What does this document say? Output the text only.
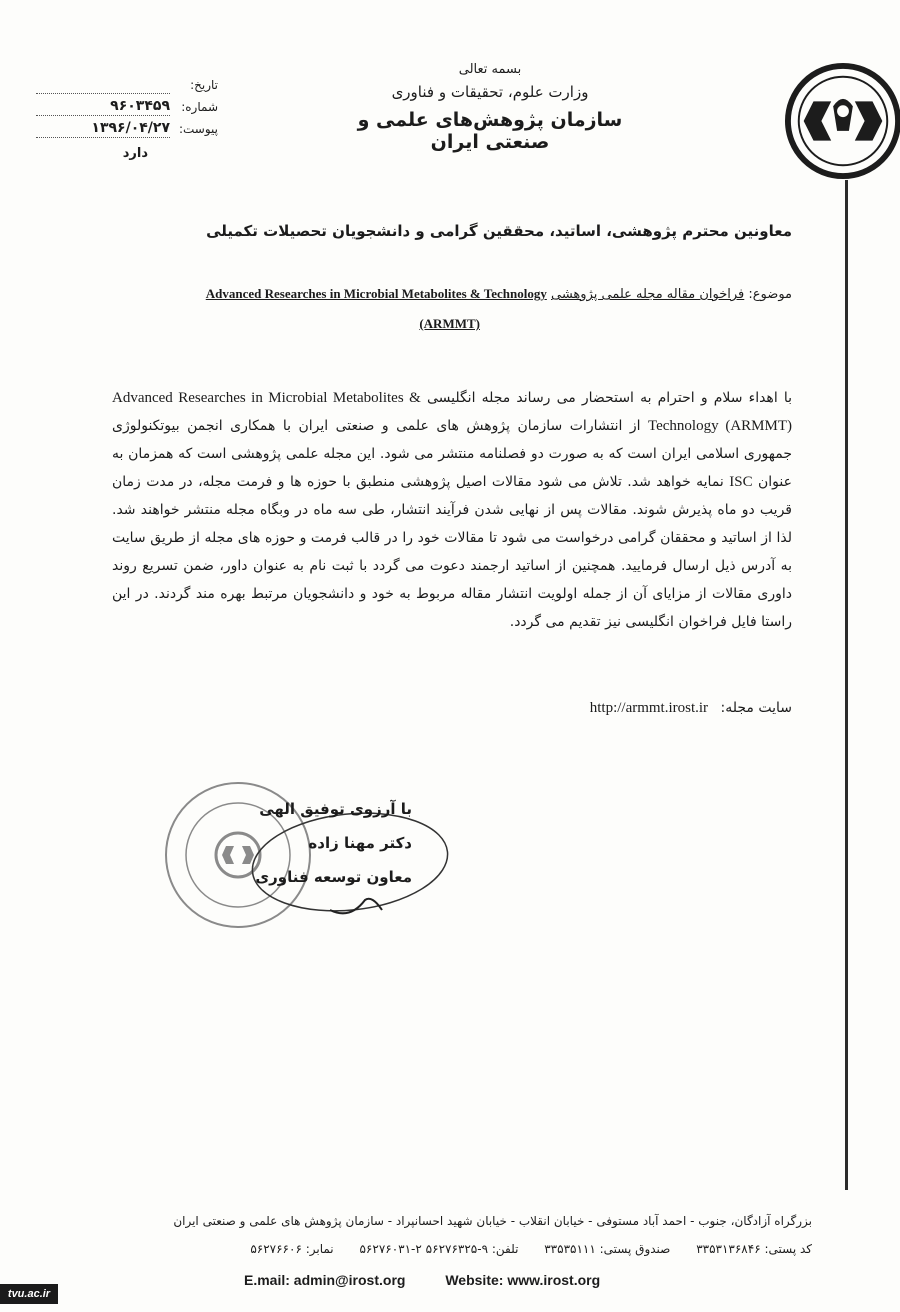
بسمه تعالی
وزارت علوم، تحقیقات و فناوری
سازمان پژوهش‌های علمی و صنعتی ایران
تاریخ:
شماره:
۹۶۰۳۴۵۹
پیوست:
۱۳۹۶/۰۴/۲۷
دارد
معاونین محترم پژوهشی، اساتید، محققین گرامی و دانشجویان تحصیلات تکمیلی
موضوع: فراخوان مقاله مجله علمی پژوهشی Advanced Researches in Microbial Metabolites & Technology
(ARMMT)
با اهداء سلام و احترام به استحضار می رساند مجله انگلیسی Advanced Researches in Microbial Metabolites & Technology (ARMMT) از انتشارات سازمان پژوهش های علمی و صنعتی ایران با همکاری انجمن بیوتکنولوژی جمهوری اسلامی ایران است که به صورت دو فصلنامه منتشر می شود. این مجله علمی پژوهشی است که همزمان به عنوان ISC نمایه خواهد شد. تلاش می شود مقالات اصیل پژوهشی منطبق با حوزه ها و فرمت مجله، در مدت زمان قریب دو ماه پذیرش شوند. مقالات پس از نهایی شدن فرآیند انتشار، طی سه ماه در وبگاه مجله منتشر خواهند شد. لذا از اساتید و محققان گرامی درخواست می شود تا مقالات خود را در قالب فرمت و حوزه های مجله از طریق سایت به آدرس ذیل ارسال فرمایید. همچنین از اساتید ارجمند دعوت می گردد با ثبت نام به عنوان داور، ضمن تسریع روند داوری مقالات از مزایای آن از جمله اولویت انتشار مقاله مربوط به خود و دانشجویان مرتبط بهره مند گردند. در این راستا فایل فراخوان انگلیسی نیز تقدیم می گردد.
سایت مجله: http://armmt.irost.ir
با آرزوی توفیق الهی
دکتر مهنا زاده
معاون توسعه فناوری
بزرگراه آزادگان، جنوب - احمد آباد مستوفی - خیابان انقلاب - خیابان شهید احسانپراد - سازمان پژوهش های علمی و صنعتی ایران
کد پستی: ۳۳۵۳۱۳۶۸۴۶ صندوق پستی: ۳۳۵۳۵۱۱۱ تلفن: ۹-۵۶۲۷۶۳۲۵ ۲-۵۶۲۷۶۰۳۱ نمابر: ۵۶۲۷۶۶۰۶
E.mail: admin@irost.org	Website: www.irost.org
tvu.ac.ir
